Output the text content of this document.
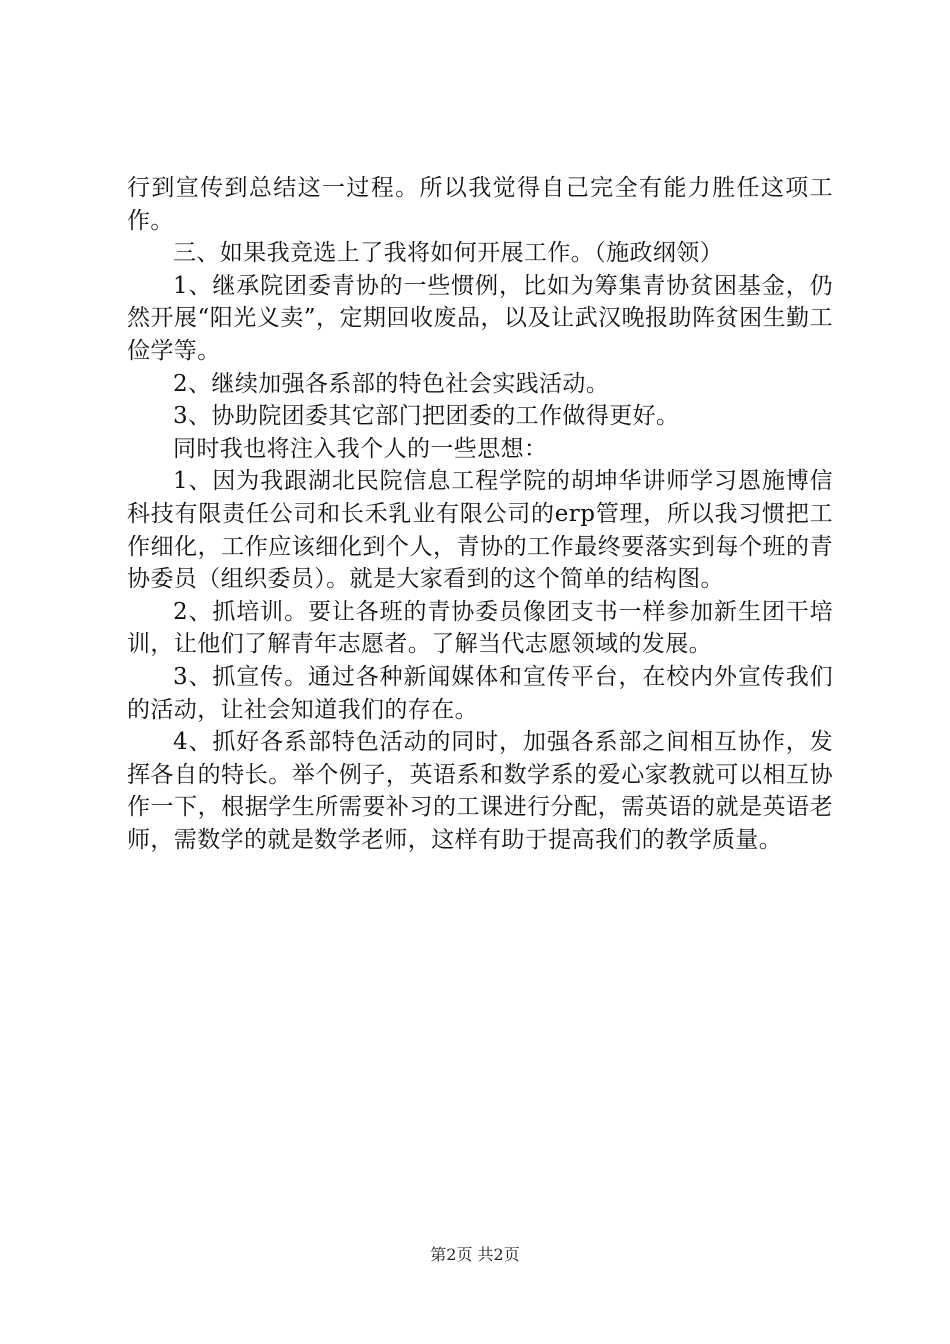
行到宣传到总结这一过程。所以我觉得自己完全有能力胜任这项工作。

三、如果我竞选上了我将如何开展工作。（施政纲领）

1、继承院团委青协的一些惯例，比如为筹集青协贫困基金，仍然开展“阳光义卖”，定期回收废品，以及让武汉晚报助阵贫困生勤工俭学等。

2、继续加强各系部的特色社会实践活动。

3、协助院团委其它部门把团委的工作做得更好。

同时我也将注入我个人的一些思想：

1、因为我跟湖北民院信息工程学院的胡坤华讲师学习恩施博信科技有限责任公司和长禾乳业有限公司的erp管理，所以我习惯把工作细化，工作应该细化到个人，青协的工作最终要落实到每个班的青协委员（组织委员）。就是大家看到的这个简单的结构图。

2、抓培训。要让各班的青协委员像团支书一样参加新生团干培训，让他们了解青年志愿者。了解当代志愿领域的发展。

3、抓宣传。通过各种新闻媒体和宣传平台，在校内外宣传我们的活动，让社会知道我们的存在。

4、抓好各系部特色活动的同时，加强各系部之间相互协作，发挥各自的特长。举个例子，英语系和数学系的爱心家教就可以相互协作一下，根据学生所需要补习的工课进行分配，需英语的就是英语老师，需数学的就是数学老师，这样有助于提高我们的教学质量。

第2页 共2页
